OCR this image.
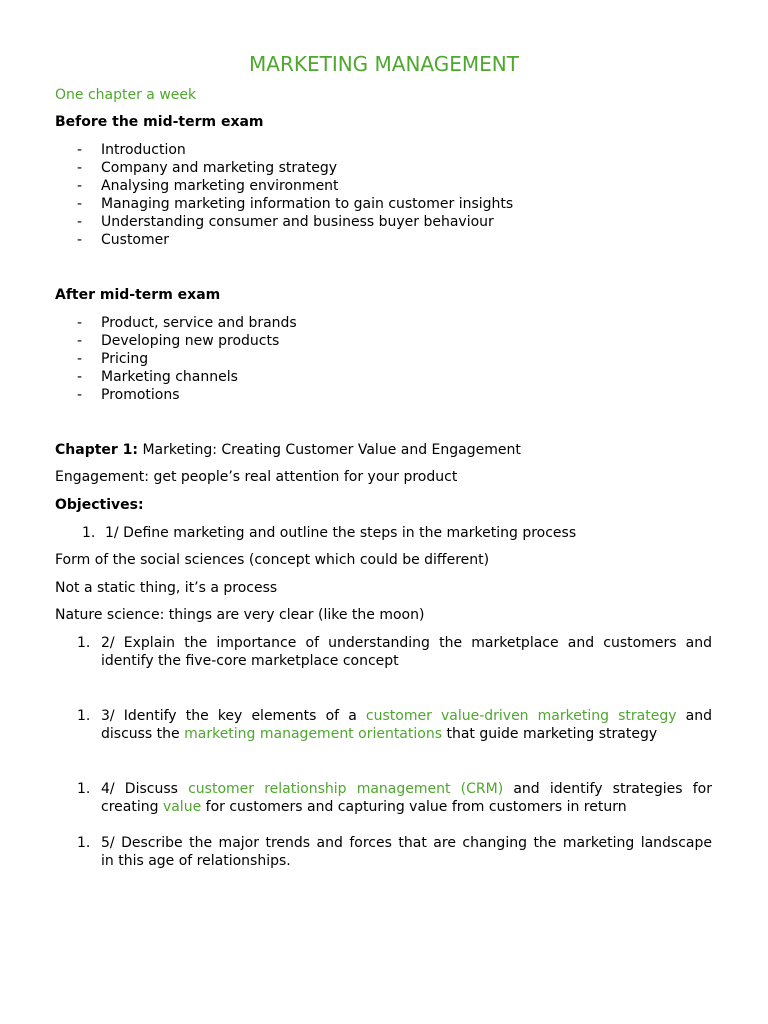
MARKETING MANAGEMENT
One chapter a week
Before the mid-term exam
- Introduction
- Company and marketing strategy
- Analysing marketing environment
- Managing marketing information to gain customer insights
- Understanding consumer and business buyer behaviour
- Customer
After mid-term exam
- Product, service and brands
- Developing new products
- Pricing
- Marketing channels
- Promotions
Chapter 1: Marketing: Creating Customer Value and Engagement
Engagement: get people’s real attention for your product
Objectives:
1. 1/ Define marketing and outline the steps in the marketing process
Form of the social sciences (concept which could be different)
Not a static thing, it’s a process
Nature science: things are very clear (like the moon)
1. 2/ Explain the importance of understanding the marketplace and customers and
identify the five-core marketplace concept
1. 3/ Identify the key elements of a customer value-driven marketing strategy and
discuss the marketing management orientations that guide marketing strategy
1. 4/ Discuss customer relationship management (CRM) and identify strategies for
creating value for customers and capturing value from customers in return
1. 5/ Describe the major trends and forces that are changing the marketing landscape
in this age of relationships.
